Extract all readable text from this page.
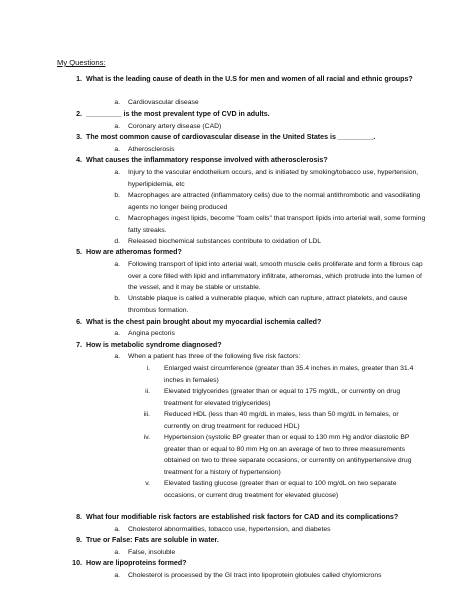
My Questions:
1. What is the leading cause of death in the U.S for men and women of all racial and ethnic groups?
a. Cardiovascular disease
2. _________ is the most prevalent type of CVD in adults.
a. Coronary artery disease (CAD)
3. The most common cause of cardiovascular disease in the United States is _________.
a. Atherosclerosis
4. What causes the inflammatory response involved with atherosclerosis?
a. Injury to the vascular endothelium occurs, and is initiated by smoking/tobacco use, hypertension, hyperlipidemia, etc
b. Macrophages are attracted (inflammatory cells) due to the normal antithrombotic and vasodilating agents no longer being produced
c. Macrophages ingest lipids, become "foam cells" that transport lipids into arterial wall, some forming fatty streaks.
d. Released biochemical substances contribute to oxidation of LDL
5. How are atheromas formed?
a. Following transport of lipid into arterial wall, smooth muscle cells proliferate and form a fibrous cap over a core filled with lipid and inflammatory infiltrate, atheromas, which protrude into the lumen of the vessel, and it may be stable or unstable.
b. Unstable plaque is called a vulnerable plaque, which can rupture, attract platelets, and cause thrombus formation.
6. What is the chest pain brought about my myocardial ischemia called?
a. Angina pectoris
7. How is metabolic syndrome diagnosed?
a. When a patient has three of the following five risk factors:
i. Enlarged waist circumference (greater than 35.4 inches in males, greater than 31.4 inches in females)
ii. Elevated triglycerides (greater than or equal to 175 mg/dL, or currently on drug treatment for elevated triglycerides)
iii. Reduced HDL (less than 40 mg/dL in males, less than 50 mg/dL in females, or currently on drug treatment for reduced HDL)
iv. Hypertension (systolic BP greater than or equal to 130 mm Hg and/or diastolic BP greater than or equal to 80 mm Hg on an average of two to three measurements obtained on two to three separate occasions, or currently on antihypertensive drug treatment for a history of hypertension)
v. Elevated fasting glucose (greater than or equal to 100 mg/dL on two separate occasions, or current drug treatment for elevated glucose)
8. What four modifiable risk factors are established risk factors for CAD and its complications?
a. Cholesterol abnormalities, tobacco use, hypertension, and diabetes
9. True or False: Fats are soluble in water.
a. False, insoluble
10. How are lipoproteins formed?
a. Cholesterol is processed by the GI tract into lipoprotein globules called chylomicrons
